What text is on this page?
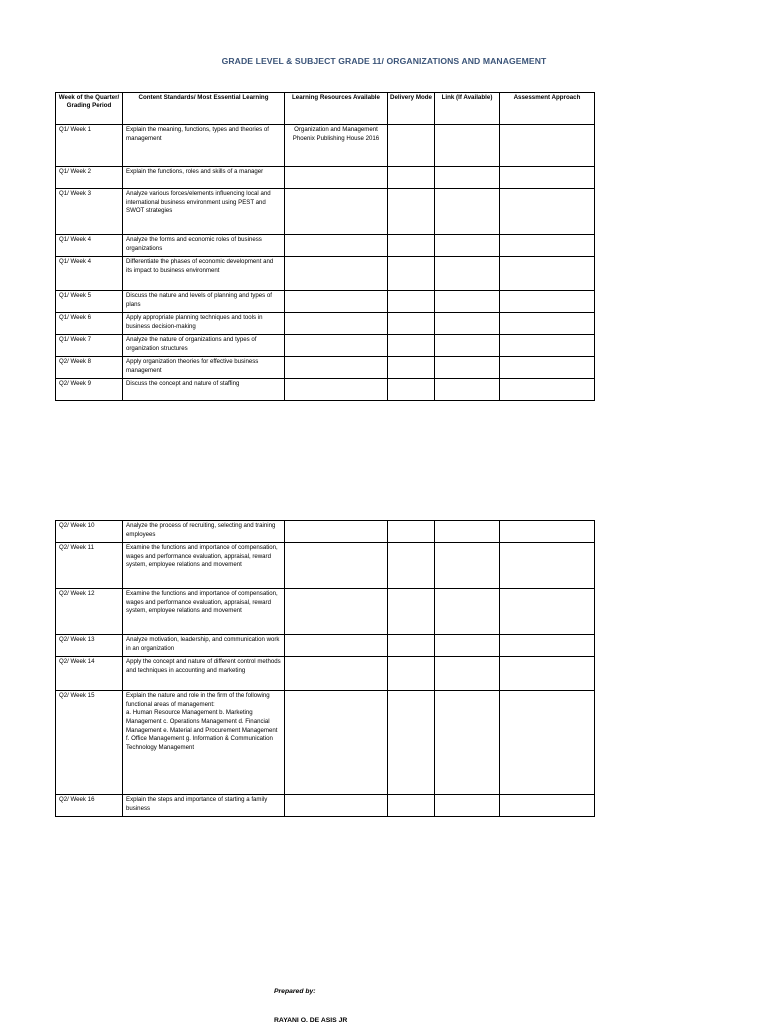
GRADE LEVEL & SUBJECT GRADE 11/ ORGANIZATIONS AND MANAGEMENT
Week of the Quarter/ Grading Period	Content Standards/ Most Essential Learning	Learning Resources Available	Delivery Mode	Link (If Available)	Assessment Approach
Q1/ Week 1	Explain the meaning, functions, types and theories of management	Organization and Management Phoenix Publishing House 2016			
Q1/ Week 2	Explain the functions, roles and skills of a manager				
Q1/ Week 3	Analyze various forces/elements influencing local and international business environment using PEST and SWOT strategies				
Q1/ Week 4	Analyze the forms and economic roles of business organizations				
Q1/ Week 4	Differentiate the phases of economic development and its impact to business environment				
Q1/ Week 5	Discuss the nature and levels of planning and types of plans				
Q1/ Week 6	Apply appropriate planning techniques and tools in business decision-making				
Q1/ Week 7	Analyze the nature of organizations and types of organization structures				
Q2/ Week 8	Apply organization theories for effective business management				
Q2/ Week 9	Discuss the concept and nature of staffing				
Q2/ Week 10	Analyze the process of recruiting, selecting and training employees				
Q2/ Week 11	Examine the functions and importance of compensation, wages and performance evaluation, appraisal, reward system, employee relations and movement				
Q2/ Week 12	Examine the functions and importance of compensation, wages and performance evaluation, appraisal, reward system, employee relations and movement				
Q2/ Week 13	Analyze motivation, leadership, and communication work in an organization				
Q2/ Week 14	Apply the concept and nature of different control methods and techniques in accounting and marketing				
Q2/ Week 15	Explain the nature and role in the firm of the following functional areas of management:
a. Human Resource Management b. Marketing Management c. Operations Management d. Financial Management e. Material and Procurement Management f. Office Management g. Information & Communication Technology Management				
Q2/ Week 16	Explain the steps and importance of starting a family business				
Prepared by:
RAYANI O. DE ASIS JR
